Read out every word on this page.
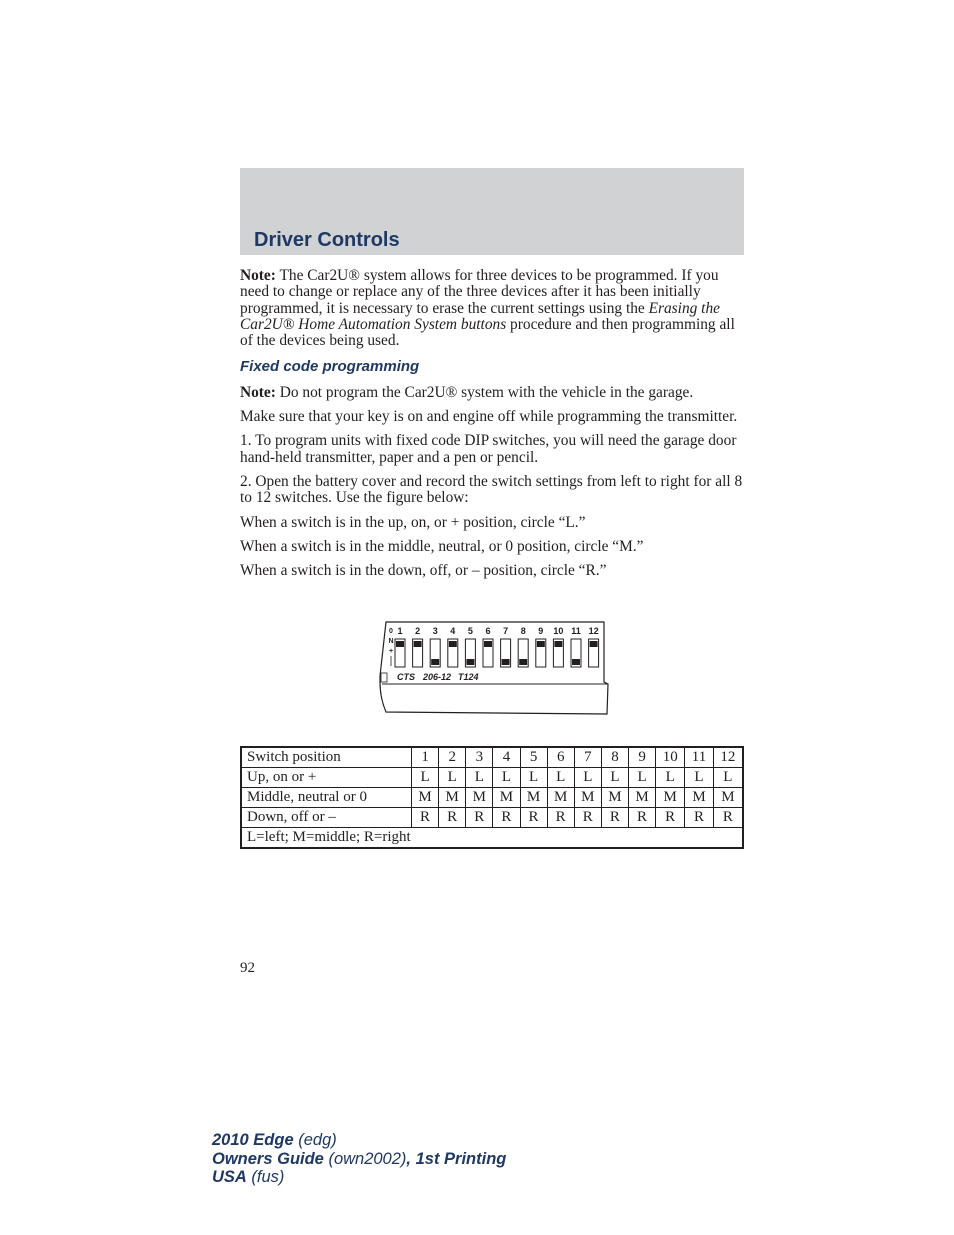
Driver Controls

Note: The Car2U® system allows for three devices to be programmed. If you need to change or replace any of the three devices after it has been initially programmed, it is necessary to erase the current settings using the Erasing the Car2U® Home Automation System buttons procedure and then programming all of the devices being used.

Fixed code programming

Note: Do not program the Car2U® system with the vehicle in the garage.

Make sure that your key is on and engine off while programming the transmitter.

1. To program units with fixed code DIP switches, you will need the garage door hand-held transmitter, paper and a pen or pencil.

2. Open the battery cover and record the switch settings from left to right for all 8 to 12 switches. Use the figure below:

When a switch is in the up, on, or + position, circle “L.”

When a switch is in the middle, neutral, or 0 position, circle “M.”

When a switch is in the down, off, or – position, circle “R.”

0
N
+
1 2 3 4 5 6 7 8 9 10 11 12
CTS 206-12 T124
Switch position	1	2	3	4	5	6	7	8	9	10	11	12
Up, on or +	L	L	L	L	L	L	L	L	L	L	L	L
Middle, neutral or 0	M	M	M	M	M	M	M	M	M	M	M	M
Down, off or –	R	R	R	R	R	R	R	R	R	R	R	R
L=left; M=middle; R=right												
92
2010 Edge (edg)
Owners Guide (own2002), 1st Printing
USA (fus)
